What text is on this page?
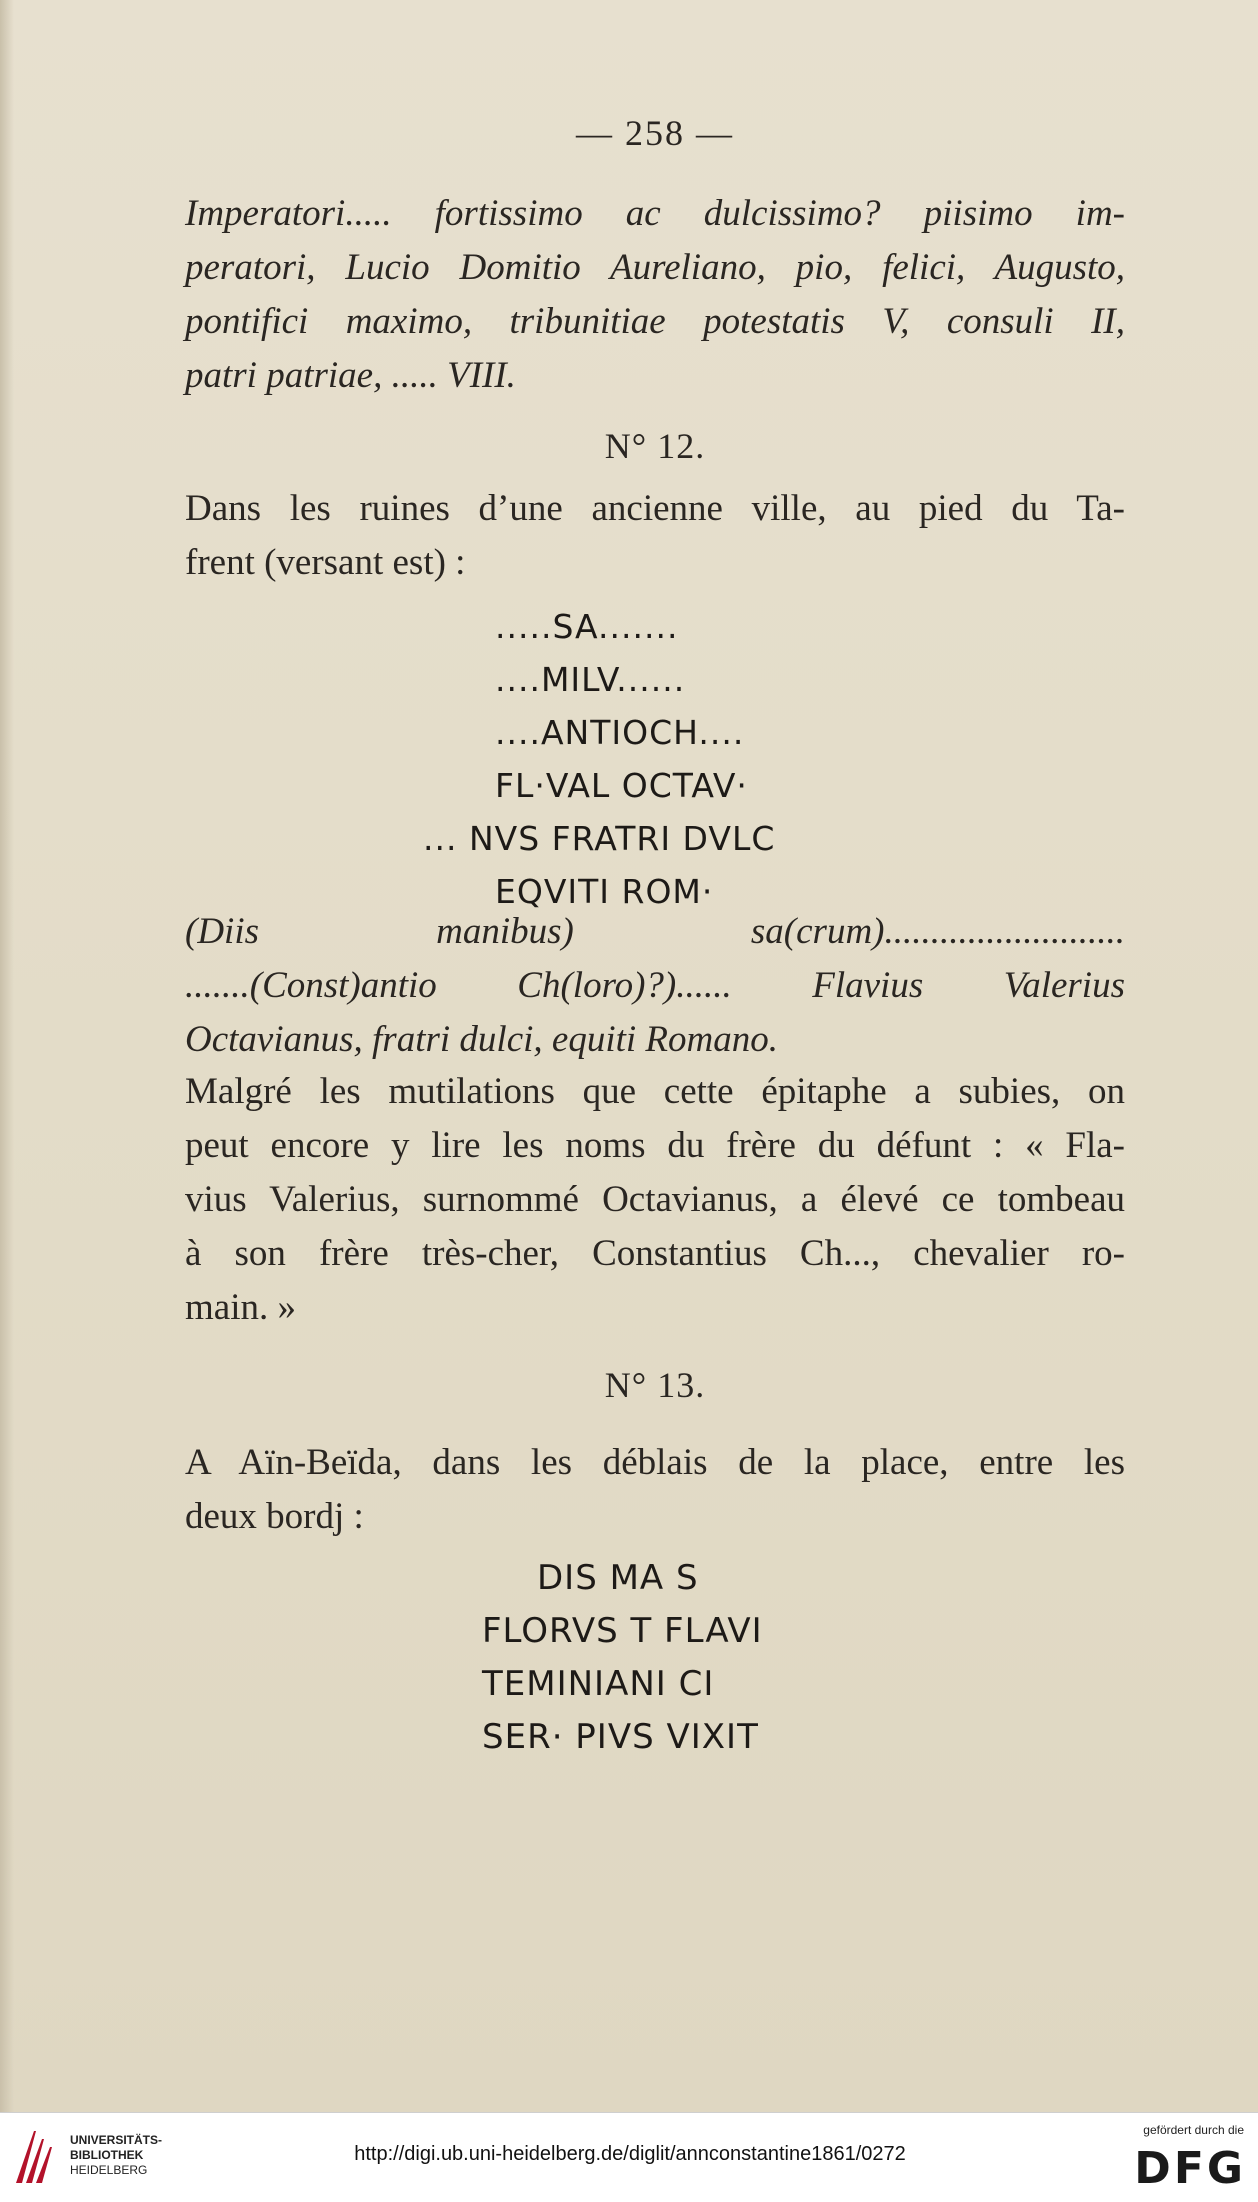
— 258 —
Imperatori..... fortissimo ac dulcissimo? piisimo im-
peratori, Lucio Domitio Aureliano, pio, felici, Augusto,
pontifici maximo, tribunitiae potestatis V, consuli II,
patri patriae, ..... VIII.
N° 12.
Dans les ruines d’une ancienne ville, au pied du Ta-
frent (versant est) :
.....SA.......
....MILV......
....ANTIOCH....
FL·VAL OCTAV·
... NVS FRATRI DVLC
EQVITI ROM·
(Diis manibus) sa(crum)..........................
.......(Const)antio Ch(loro)?)...... Flavius Valerius
Octavianus, fratri dulci, equiti Romano.
Malgré les mutilations que cette épitaphe a subies, on
peut encore y lire les noms du frère du défunt : « Fla-
vius Valerius, surnommé Octavianus, a élevé ce tombeau
à son frère très-cher, Constantius Ch..., chevalier ro-
main. »
N° 13.
A Aïn-Beïda, dans les déblais de la place, entre les
deux bordj :
DIS MA S
FLORVS T FLAVI
TEMINIANI CI
SER· PIVS VIXIT
UNIVERSITÄTS-
BIBLIOTHEK
HEIDELBERG
http://digi.ub.uni-heidelberg.de/diglit/annconstantine1861/0272
gefördert durch die
DFG
